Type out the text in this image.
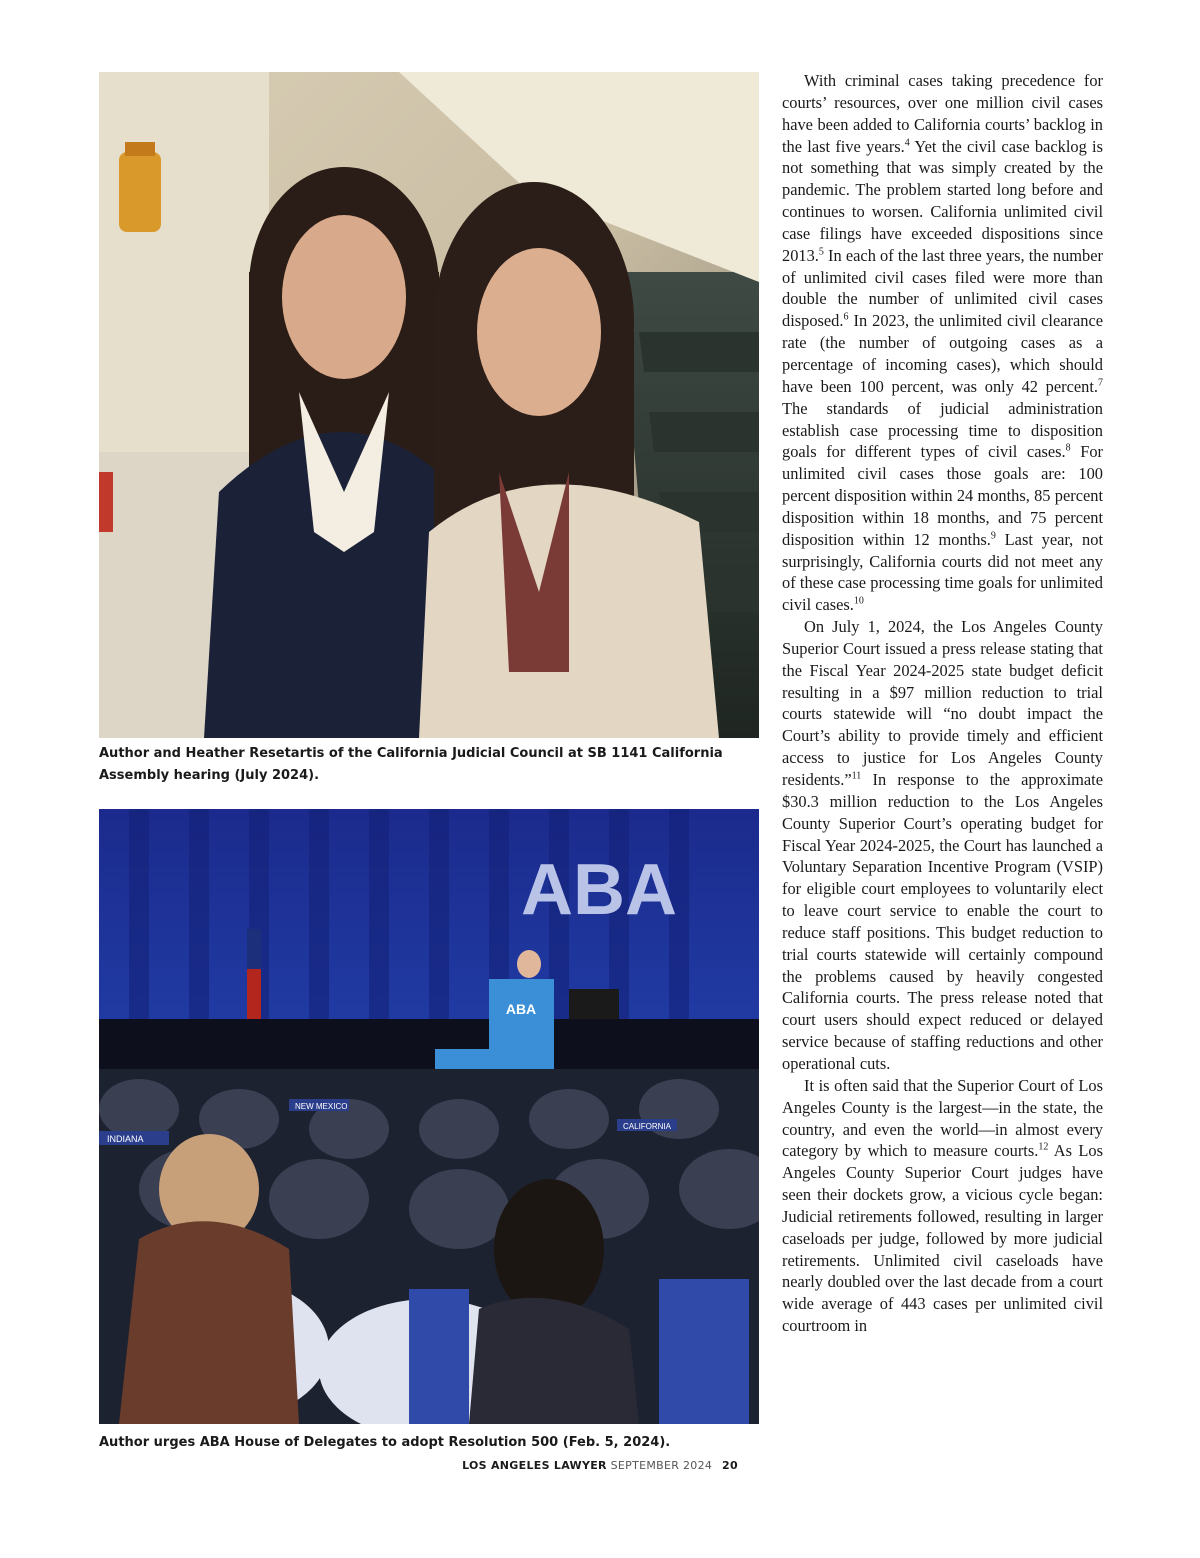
Author and Heather Resetartis of the California Judicial Council at SB 1141 California Assembly hearing (July 2024).
ABA
ABA
INDIANA
NEW MEXICO
CALIFORNIA
Author urges ABA House of Delegates to adopt Resolution 500 (Feb. 5, 2024).

With criminal cases taking precedence for courts’ resources, over one million civil cases have been added to California courts’ backlog in the last five years.$^4$ Yet the civil case backlog is not something that was simply created by the pandemic. The problem started long before and continues to worsen. California unlimited civil case filings have exceeded dispositions since 2013.$^5$ In each of the last three years, the number of unlimited civil cases filed were more than double the number of unlimited civil cases disposed.$^6$ In 2023, the unlimited civil clearance rate (the number of outgoing cases as a percentage of incoming cases), which should have been 100 percent, was only 42 percent.$^7$ The standards of judicial administration establish case processing time to disposition goals for different types of civil cases.$^8$ For unlimited civil cases those goals are: 100 percent disposition within 24 months, 85 percent disposition within 18 months, and 75 percent disposition within 12 months.$^9$ Last year, not surprisingly, California courts did not meet any of these case processing time goals for unlimited civil cases.$^{10}$

On July 1, 2024, the Los Angeles County Superior Court issued a press release stating that the Fiscal Year 2024-2025 state budget deficit resulting in a $97 million reduction to trial courts statewide will “no doubt impact the Court’s ability to provide timely and efficient access to justice for Los Angeles County residents.”$^{11}$ In response to the approximate $30.3 million reduction to the Los Angeles County Superior Court’s operating budget for Fiscal Year 2024-2025, the Court has launched a Voluntary Separation Incentive Program (VSIP) for eligible court employees to voluntarily elect to leave court service to enable the court to reduce staff positions. This budget reduction to trial courts statewide will certainly compound the problems caused by heavily congested California courts. The press release noted that court users should expect reduced or delayed service because of staffing reductions and other operational cuts.

It is often said that the Superior Court of Los Angeles County is the largest—in the state, the country, and even the world—in almost every category by which to measure courts.$^{12}$ As Los Angeles County Superior Court judges have seen their dockets grow, a vicious cycle began: Judicial retirements followed, resulting in larger caseloads per judge, followed by more judicial retirements. Unlimited civil caseloads have nearly doubled over the last decade from a court wide average of 443 cases per unlimited civil courtroom in

LOS ANGELES LAWYER SEPTEMBER 2024 20
